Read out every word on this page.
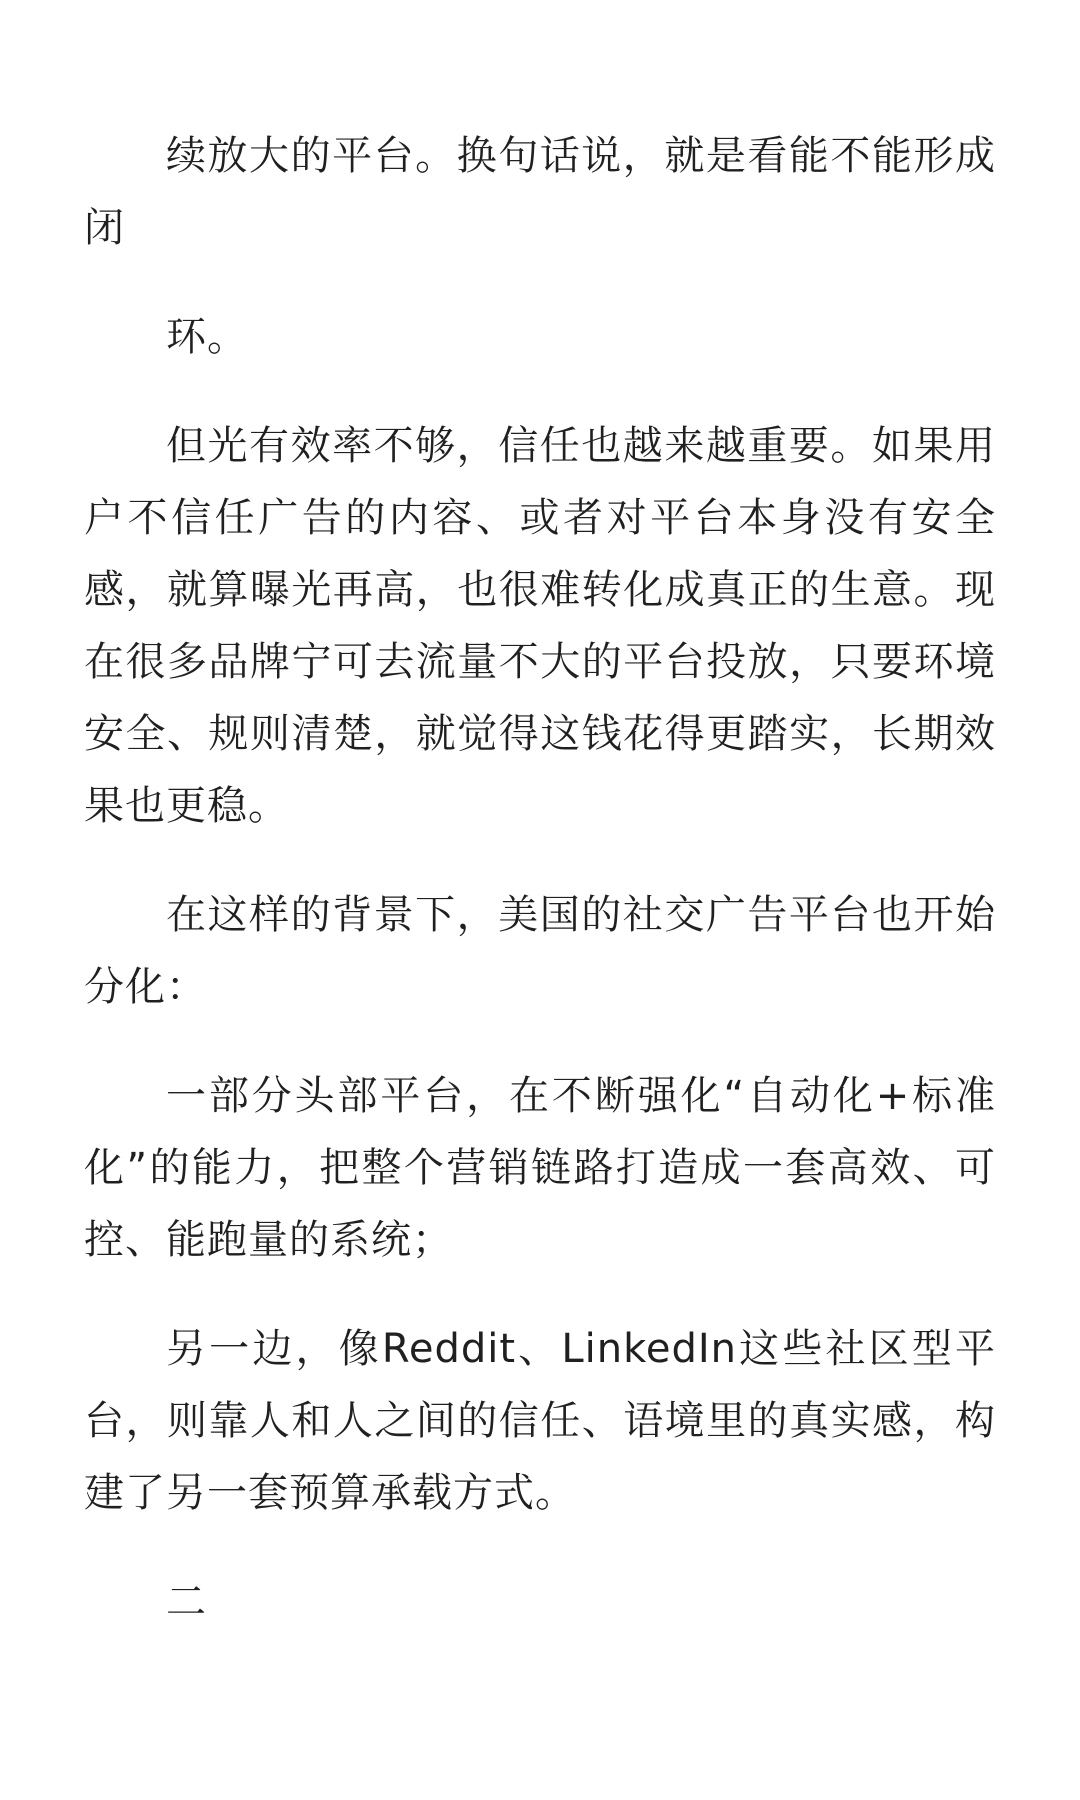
续放大的平台。换句话说，就是看能不能形成闭

环。

但光有效率不够，信任也越来越重要。如果用户不信任广告的内容、或者对平台本身没有安全感，就算曝光再高，也很难转化成真正的生意。现在很多品牌宁可去流量不大的平台投放，只要环境安全、规则清楚，就觉得这钱花得更踏实，长期效果也更稳。

在这样的背景下，美国的社交广告平台也开始分化：

一部分头部平台，在不断强化“自动化+标准化”的能力，把整个营销链路打造成一套高效、可控、能跑量的系统；

另一边，像Reddit、LinkedIn这些社区型平台，则靠人和人之间的信任、语境里的真实感，构建了另一套预算承载方式。

二
